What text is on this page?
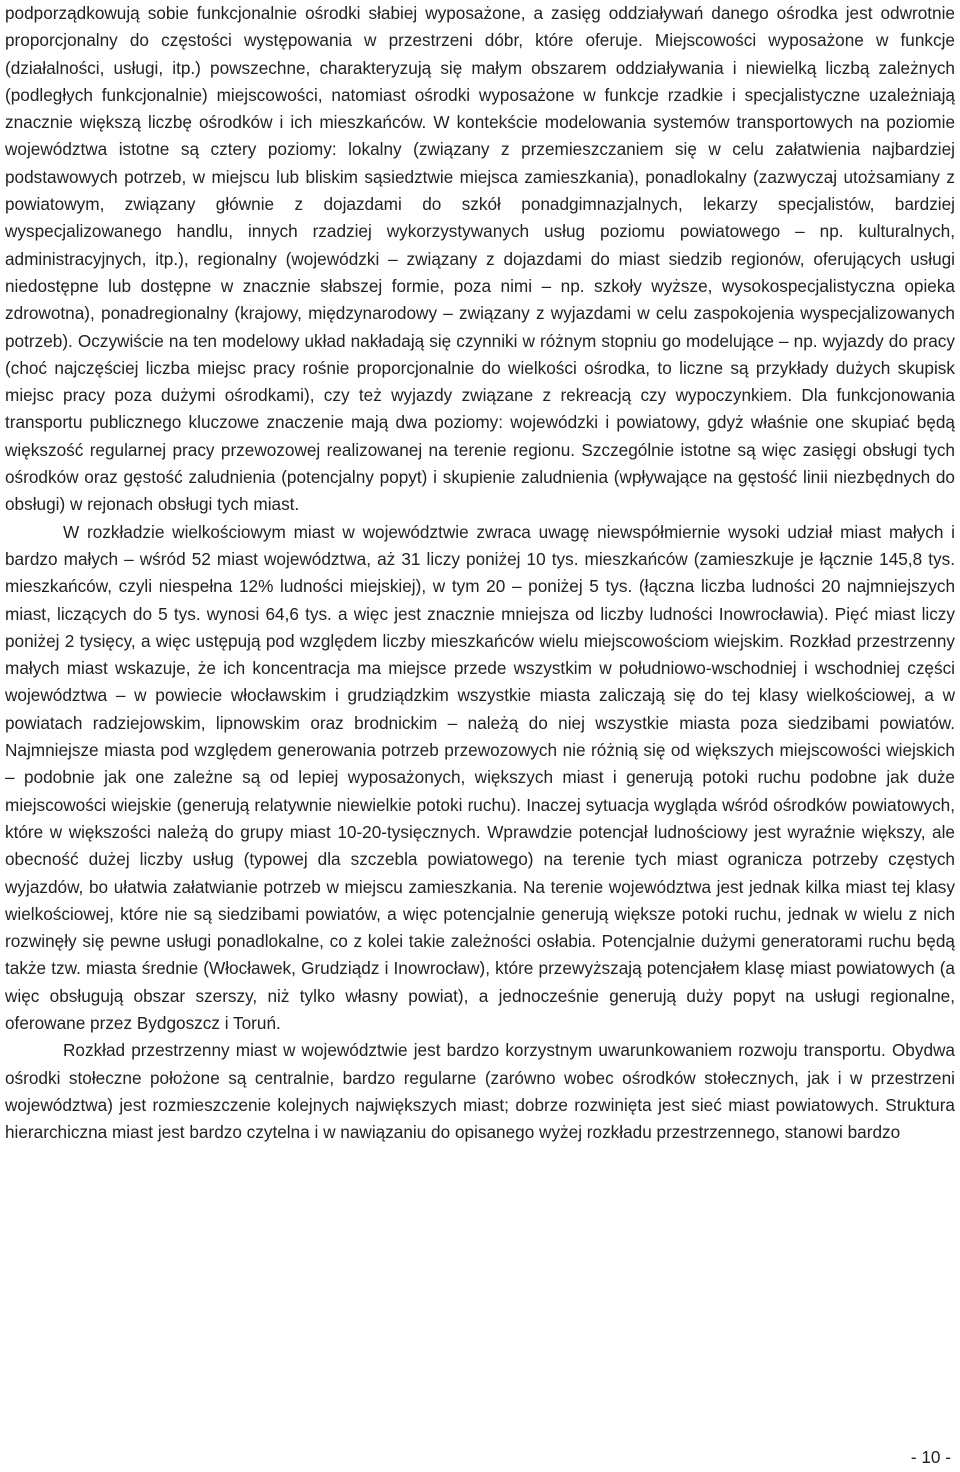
podporządkowują sobie funkcjonalnie ośrodki słabiej wyposażone, a zasięg oddziaływań danego ośrodka jest odwrotnie proporcjonalny do częstości występowania w przestrzeni dóbr, które oferuje. Miejscowości wyposażone w funkcje (działalności, usługi, itp.) powszechne, charakteryzują się małym obszarem oddziaływania i niewielką liczbą zależnych (podległych funkcjonalnie) miejscowości, natomiast ośrodki wyposażone w funkcje rzadkie i specjalistyczne uzależniają znacznie większą liczbę ośrodków i ich mieszkańców. W kontekście modelowania systemów transportowych na poziomie województwa istotne są cztery poziomy: lokalny (związany z przemieszczaniem się w celu załatwienia najbardziej podstawowych potrzeb, w miejscu lub bliskim sąsiedztwie miejsca zamieszkania), ponadlokalny (zazwyczaj utożsamiany z powiatowym, związany głównie z dojazdami do szkół ponadgimnazjalnych, lekarzy specjalistów, bardziej wyspecjalizowanego handlu, innych rzadziej wykorzystywanych usług poziomu powiatowego – np. kulturalnych, administracyjnych, itp.), regionalny (wojewódzki – związany z dojazdami do miast siedzib regionów, oferujących usługi niedostępne lub dostępne w znacznie słabszej formie, poza nimi – np. szkoły wyższe, wysokospecjalistyczna opieka zdrowotna), ponadregionalny (krajowy, międzynarodowy – związany z wyjazdami w celu zaspokojenia wyspecjalizowanych potrzeb). Oczywiście na ten modelowy układ nakładają się czynniki w różnym stopniu go modelujące – np. wyjazdy do pracy (choć najczęściej liczba miejsc pracy rośnie proporcjonalnie do wielkości ośrodka, to liczne są przykłady dużych skupisk miejsc pracy poza dużymi ośrodkami), czy też wyjazdy związane z rekreacją czy wypoczynkiem. Dla funkcjonowania transportu publicznego kluczowe znaczenie mają dwa poziomy: wojewódzki i powiatowy, gdyż właśnie one skupiać będą większość regularnej pracy przewozowej realizowanej na terenie regionu. Szczególnie istotne są więc zasięgi obsługi tych ośrodków oraz gęstość zaludnienia (potencjalny popyt) i skupienie zaludnienia (wpływające na gęstość linii niezbędnych do obsługi) w rejonach obsługi tych miast.

W rozkładzie wielkościowym miast w województwie zwraca uwagę niewspółmiernie wysoki udział miast małych i bardzo małych – wśród 52 miast województwa, aż 31 liczy poniżej 10 tys. mieszkańców (zamieszkuje je łącznie 145,8 tys. mieszkańców, czyli niespełna 12% ludności miejskiej), w tym 20 – poniżej 5 tys. (łączna liczba ludności 20 najmniejszych miast, liczących do 5 tys. wynosi 64,6 tys. a więc jest znacznie mniejsza od liczby ludności Inowrocławia). Pięć miast liczy poniżej 2 tysięcy, a więc ustępują pod względem liczby mieszkańców wielu miejscowościom wiejskim. Rozkład przestrzenny małych miast wskazuje, że ich koncentracja ma miejsce przede wszystkim w południowo-wschodniej i wschodniej części województwa – w powiecie włocławskim i grudziądzkim wszystkie miasta zaliczają się do tej klasy wielkościowej, a w powiatach radziejowskim, lipnowskim oraz brodnickim – należą do niej wszystkie miasta poza siedzibami powiatów. Najmniejsze miasta pod względem generowania potrzeb przewozowych nie różnią się od większych miejscowości wiejskich – podobnie jak one zależne są od lepiej wyposażonych, większych miast i generują potoki ruchu podobne jak duże miejscowości wiejskie (generują relatywnie niewielkie potoki ruchu). Inaczej sytuacja wygląda wśród ośrodków powiatowych, które w większości należą do grupy miast 10-20-tysięcznych. Wprawdzie potencjał ludnościowy jest wyraźnie większy, ale obecność dużej liczby usług (typowej dla szczebla powiatowego) na terenie tych miast ogranicza potrzeby częstych wyjazdów, bo ułatwia załatwianie potrzeb w miejscu zamieszkania. Na terenie województwa jest jednak kilka miast tej klasy wielkościowej, które nie są siedzibami powiatów, a więc potencjalnie generują większe potoki ruchu, jednak w wielu z nich rozwinęły się pewne usługi ponadlokalne, co z kolei takie zależności osłabia. Potencjalnie dużymi generatorami ruchu będą także tzw. miasta średnie (Włocławek, Grudziądz i Inowrocław), które przewyższają potencjałem klasę miast powiatowych (a więc obsługują obszar szerszy, niż tylko własny powiat), a jednocześnie generują duży popyt na usługi regionalne, oferowane przez Bydgoszcz i Toruń.

Rozkład przestrzenny miast w województwie jest bardzo korzystnym uwarunkowaniem rozwoju transportu. Obydwa ośrodki stołeczne położone są centralnie, bardzo regularne (zarówno wobec ośrodków stołecznych, jak i w przestrzeni województwa) jest rozmieszczenie kolejnych największych miast; dobrze rozwinięta jest sieć miast powiatowych. Struktura hierarchiczna miast jest bardzo czytelna i w nawiązaniu do opisanego wyżej rozkładu przestrzennego, stanowi bardzo

- 10 -
